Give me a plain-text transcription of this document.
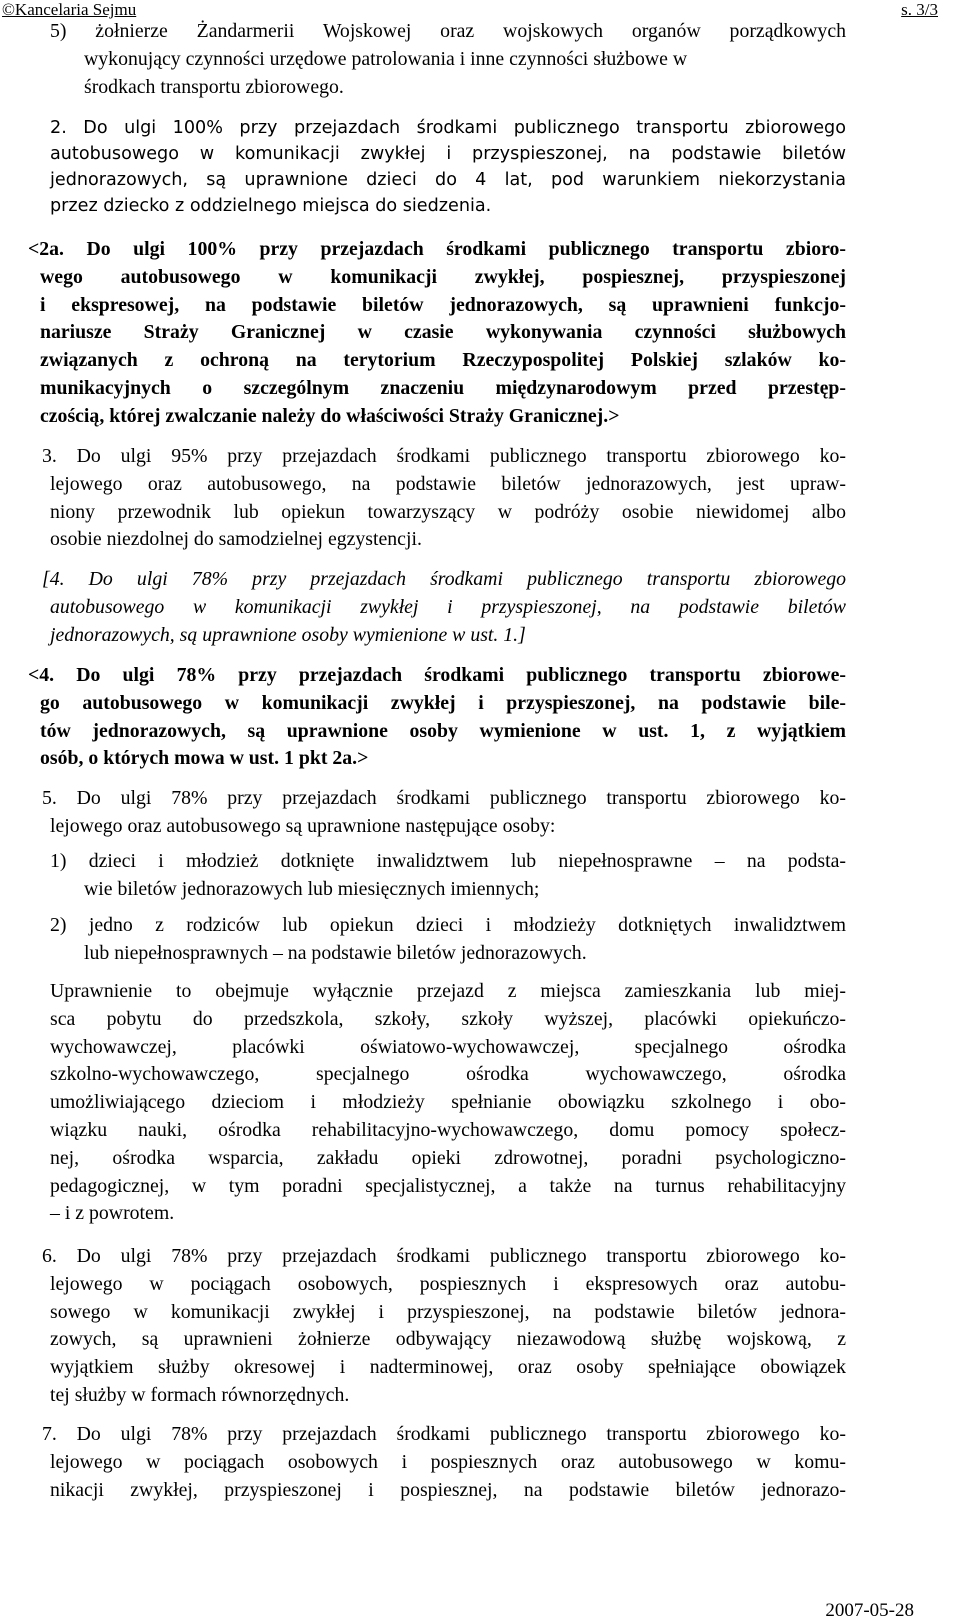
©Kancelaria Sejmu	s. 3/3
5) żołnierze Żandarmerii Wojskowej oraz wojskowych organów porządkowych
wykonujący czynności urzędowe patrolowania i inne czynności służbowe w
środkach transportu zbiorowego.
2. Do ulgi 100% przy przejazdach środkami publicznego transportu zbiorowego
autobusowego w komunikacji zwykłej i przyspieszonej, na podstawie biletów
jednorazowych, są uprawnione dzieci do 4 lat, pod warunkiem niekorzystania
przez dziecko z oddzielnego miejsca do siedzenia.
<2a. Do ulgi 100% przy przejazdach środkami publicznego transportu zbioro-
wego autobusowego w komunikacji zwykłej, pospiesznej, przyspieszonej
i ekspresowej, na podstawie biletów jednorazowych, są uprawnieni funkcjo-
nariusze Straży Granicznej w czasie wykonywania czynności służbowych
związanych z ochroną na terytorium Rzeczypospolitej Polskiej szlaków ko-
munikacyjnych o szczególnym znaczeniu międzynarodowym przed przestęp-
czością, której zwalczanie należy do właściwości Straży Granicznej.>
3. Do ulgi 95% przy przejazdach środkami publicznego transportu zbiorowego ko-
lejowego oraz autobusowego, na podstawie biletów jednorazowych, jest upraw-
niony przewodnik lub opiekun towarzyszący w podróży osobie niewidomej albo
osobie niezdolnej do samodzielnej egzystencji.
[4. Do ulgi 78% przy przejazdach środkami publicznego transportu zbiorowego
autobusowego w komunikacji zwykłej i przyspieszonej, na podstawie biletów
jednorazowych, są uprawnione osoby wymienione w ust. 1.]
<4. Do ulgi 78% przy przejazdach środkami publicznego transportu zbiorowe-
go autobusowego w komunikacji zwykłej i przyspieszonej, na podstawie bile-
tów jednorazowych, są uprawnione osoby wymienione w ust. 1, z wyjątkiem
osób, o których mowa w ust. 1 pkt 2a.>
5. Do ulgi 78% przy przejazdach środkami publicznego transportu zbiorowego ko-
lejowego oraz autobusowego są uprawnione następujące osoby:
1) dzieci i młodzież dotknięte inwalidztwem lub niepełnosprawne – na podsta-
wie biletów jednorazowych lub miesięcznych imiennych;
2) jedno z rodziców lub opiekun dzieci i młodzieży dotkniętych inwalidztwem
lub niepełnosprawnych – na podstawie biletów jednorazowych.
Uprawnienie to obejmuje wyłącznie przejazd z miejsca zamieszkania lub miej-
sca pobytu do przedszkola, szkoły, szkoły wyższej, placówki opiekuńczo-
wychowawczej, placówki oświatowo-wychowawczej, specjalnego ośrodka
szkolno-wychowawczego, specjalnego ośrodka wychowawczego, ośrodka
umożliwiającego dzieciom i młodzieży spełnianie obowiązku szkolnego i obo-
wiązku nauki, ośrodka rehabilitacyjno-wychowawczego, domu pomocy społecz-
nej, ośrodka wsparcia, zakładu opieki zdrowotnej, poradni psychologiczno-
pedagogicznej, w tym poradni specjalistycznej, a także na turnus rehabilitacyjny
– i z powrotem.
6. Do ulgi 78% przy przejazdach środkami publicznego transportu zbiorowego ko-
lejowego w pociągach osobowych, pospiesznych i ekspresowych oraz autobu-
sowego w komunikacji zwykłej i przyspieszonej, na podstawie biletów jednora-
zowych, są uprawnieni żołnierze odbywający niezawodową służbę wojskową, z
wyjątkiem służby okresowej i nadterminowej, oraz osoby spełniające obowiązek
tej służby w formach równorzędnych.
7. Do ulgi 78% przy przejazdach środkami publicznego transportu zbiorowego ko-
lejowego w pociągach osobowych i pospiesznych oraz autobusowego w komu-
nikacji zwykłej, przyspieszonej i pospiesznej, na podstawie biletów jednorazo-
2007-05-28
